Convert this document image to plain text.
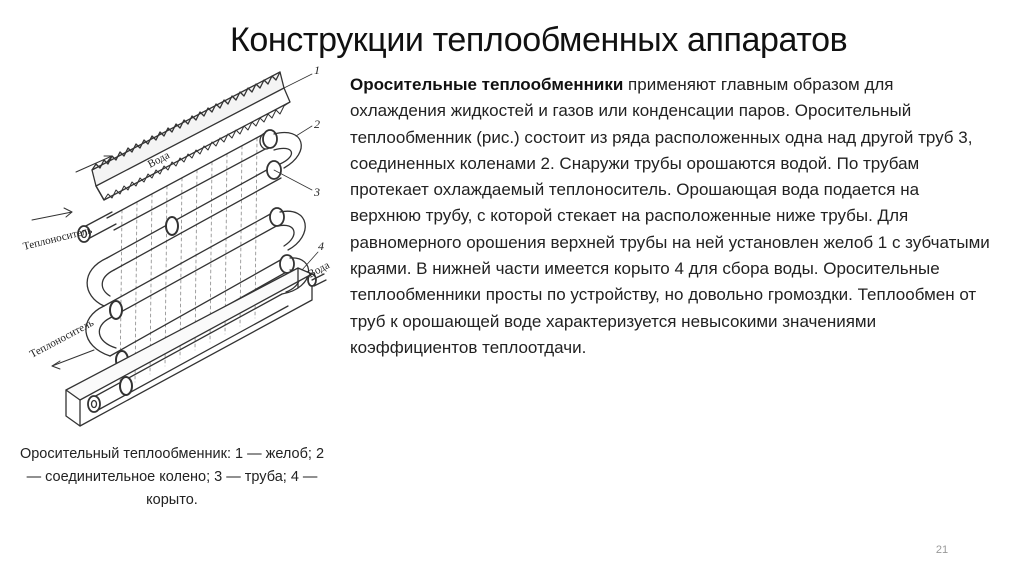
Конструкции теплообменных аппаратов
Вода
Вода
Теплоноситель
Теплоноситель
1
2
3
4
Оросительный теплообменник: 1 — желоб; 2 — соединительное колено; 3 — труба; 4 — корыто.
Оросительные теплообменники применяют главным образом для охлаждения жидкостей и газов или конденсации паров. Оросительный теплообменник (рис.) состоит из ряда расположенных одна над другой труб 3, соединенных коленами 2. Снаружи трубы орошаются водой. По трубам протекает охлаждаемый теплоноситель. Орошающая вода подается на верхнюю трубу, с которой стекает на расположенные ниже трубы. Для равномерного орошения верхней трубы на ней установлен желоб 1 с зубчатыми краями. В нижней части имеется корыто 4 для сбора воды. Оросительные теплообменники просты по устройству, но довольно громоздки. Теплообмен от труб к орошающей воде характеризуется невысокими значениями коэффициентов теплоотдачи.
21
